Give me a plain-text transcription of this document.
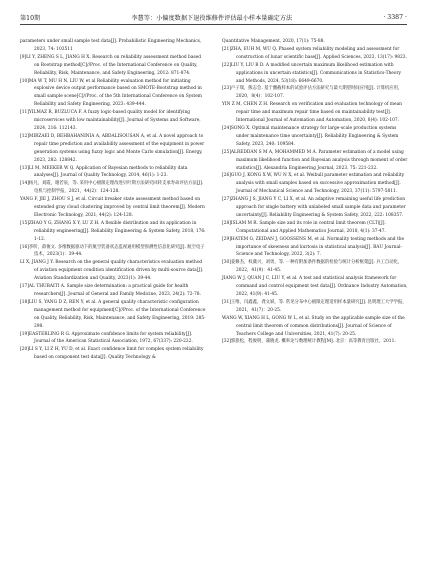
第10期	李慧等：小偏度数据下退役维修件评估最小样本量确定方法	· 3387 ·

parameters under small sample test data[J]. Probabilistic Engineering Mechanics, 2023, 74: 103511

[9]LI Y, ZHENG S L, JIANG H X. Research on reliability assessment method based on Bootstrap method[C]//Proc. of the International Conference on Quality, Reliability, Risk, Maintenance, and Safety Engineering, 2012: 871-874.

[10]MA W T, MU H N, LIU W, et al Reliability evaluation method for initiating explosive device output performance based on SMOTE-Bootstrap method in small sample scene[C]//Proc. of the 5th International Conference on System Reliability and Safety Engineering, 2023: 439-444.

[11]YILMAZ R, BUZLUCA F. A fuzzy logic-based quality model for identifying microservices with low maintainability[J]. Journal of Systems and Software, 2024, 216: 112143.

[12]MIRZAEI D, BEHBAHANINIA A, ABDALISOUSAN A, et al. A novel approach to repair time prediction and availability assessment of the equipment in power generation systems using fuzzy logic and Monte Carlo simulation[J]. Energy, 2023, 282: 128842.

[13]LI M, MEEKER W Q. Application of Bayesian methods to reliability data analyses[J]. Journal of Quality Technology, 2014, 46(1): 1-23.

[14]杨凡，刘霞，谢若泉，等. 采用中心极限定理改进贝叶斯方法研究回转支承寿命评估方法[J]. 电机与控制学报，2021，44(2)：124-128.

YANG F, JIE J, ZHOU S J, et al. Circuit breaker state assessment method based on extended gray cloud clustering improved by central limit theorem[J]. Modern Electronic Technology, 2021, 44(2): 124-128.

[15]ZHAO Y G, ZHANG X Y, LU Z H. A flexible distribution and its application in reliability engineering[J]. Reliability Engineering & System Safety, 2018, 176: 1-12.

[16]李昕，薛俊文. 多维数据驱动下的航空装备状态监视通用模型预测性信息化研究[J]. 航空电子技术，2023(1)：39-44.

LI X, JIANG J Y. Research on the general quality characteristics evaluation method of aviation equipment condition identification driven by multi-source data[J]. Aviation Standardization and Quality, 2023(1): 39-44.

[17]AL THUBAITI A. Sample size determination: a practical guide for health researchers[J]. Journal of General and Family Medicine, 2023, 24(2): 72-78.

[18]LIU S, YANG D Z, REN Y, et al. A general quality characteristic configuration management method for equipment[C]//Proc. of the International Conference on Quality, Reliability, Risk, Maintenance, and Safety Engineering, 2019: 285-298.

[19]EASTERLING R G. Approximate confidence limits for system reliability[J]. Journal of the American Statistical Association, 1972, 67(337): 220-222.

[20]LI S Y, LI Z H, YU D, et al. Exact confidence limit for complex system reliability based on component test data[J]. Quality Technology &

Quantitative Management, 2020, 17(1): 75-88.

[21]ZHA, EUH M, WU Q. Phased system reliability modeling and assessment for construction of lunar scientific base[J]. Applied Sciences, 2023, 13(17): 9823.

[22]LIU Y, LIU B D. A modified uncertain maximum likelihood estimation with applications in uncertain statistics[J]. Communications in Statistics-Theory and Methods, 2024, 53(18): 6649-6670.

[23]卢子瑞，熊志会. 基于删截样本的试验评估方法研究与最大期望时间应用[J]. 计算机应用，2020，8(4)：102-107.

YIN Z M, CHEN Z H. Research on verification and evaluation technology of mean repair time and maximum repair time based on maintainability test[J]. International Journal of Automation and Automation, 2020, 8(4): 102-107.

[24]SONG X. Optimal maintenance strategy for large-scale production systems under maintenance time uncertainty[J]. Reliability Engineering & System Safety, 2023, 240: 109584.

[25]ALREDDAN S M A, MOHAMMED M A. Parameter estimation of a model using maximum likelihood function and Bayesian analysis through moment of order statistics[J]. Alexandria Engineering Journal, 2023, 75: 221-232.

[26]GUO J, KONG X W, WU N X, et al. Weibull parameter estimation and reliability analysis with small samples based on successive approximation method[J]. Journal of Mechanical Science and Technology, 2023, 37(11): 5797-5811.

[27]ZHANG J S, JIANG Y C, LI X, et al. An adaptive remaining useful life prediction approach for single battery with unlabeled small sample data and parameter uncertainty[J]. Reliability Engineering & System Safety, 2022, 222: 108357.

[28]ISLAM M R. Sample size and its role in central limit theorem (CLT)[J]. Computational and Applied Mathematics Journal, 2018, 4(1): 37-47.

[29]HATEM G, ZEIDAN J, GOOSSENS M, et al. Normality testing methods and the importance of skewness and kurtosis in statistical analysis[J]. BAU Journal-Science and Technology, 2022, 3(2): 7.

[30]姜修杰，权冀兴，刘勇，等. 一种有附加条件数据的检验与统计分析框架[J]. 兵工自动化，2022，41(9)：41-45.

JIANG W J, QUAN J C, LIU Y, et al. A test and statistical analysis framework for command and control equipment test data[J]. Ordnance Industry Automation, 2022, 41(9): 41-45.

[31]王维，闫鑫鑫，龚文斌，等. 常见分布中心极限定理适用样本量研究[J]. 昆明理工大学学报，2021，41(7)：20-25.

WANG W, XIANG H L, GONG W L, et al. Study on the applicable sample size of the central limit theorem of common distributions[J]. Journal of Science of Teachers College and Universities, 2021, 41(7): 20-25.

[32]郭旅松，程俊明，蒲晓龙. 概率论与数理统计教程[M]. 北京：高等教育出版社，2011.
